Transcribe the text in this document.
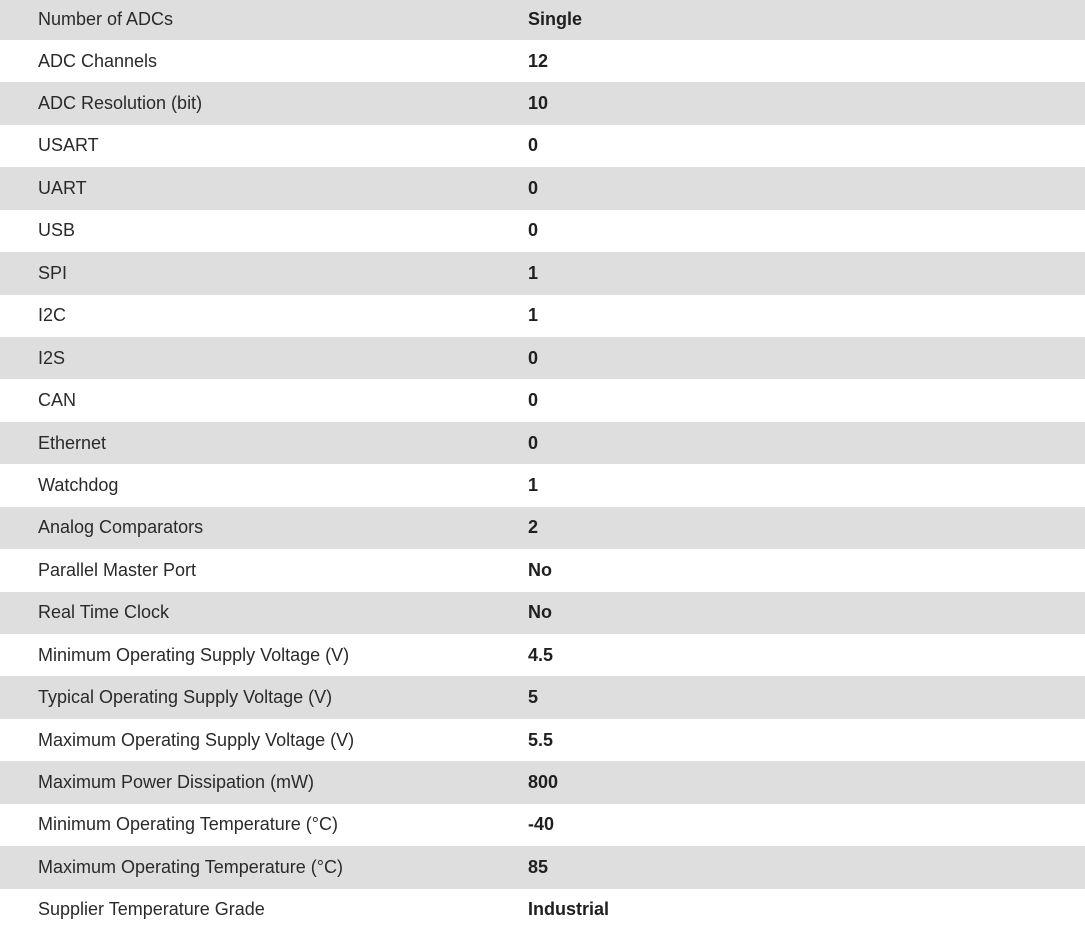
Number of ADCs	Single
ADC Channels	12
ADC Resolution (bit)	10
USART	0
UART	0
USB	0
SPI	1
I2C	1
I2S	0
CAN	0
Ethernet	0
Watchdog	1
Analog Comparators	2
Parallel Master Port	No
Real Time Clock	No
Minimum Operating Supply Voltage (V)	4.5
Typical Operating Supply Voltage (V)	5
Maximum Operating Supply Voltage (V)	5.5
Maximum Power Dissipation (mW)	800
Minimum Operating Temperature (°C)	-40
Maximum Operating Temperature (°C)	85
Supplier Temperature Grade	Industrial
